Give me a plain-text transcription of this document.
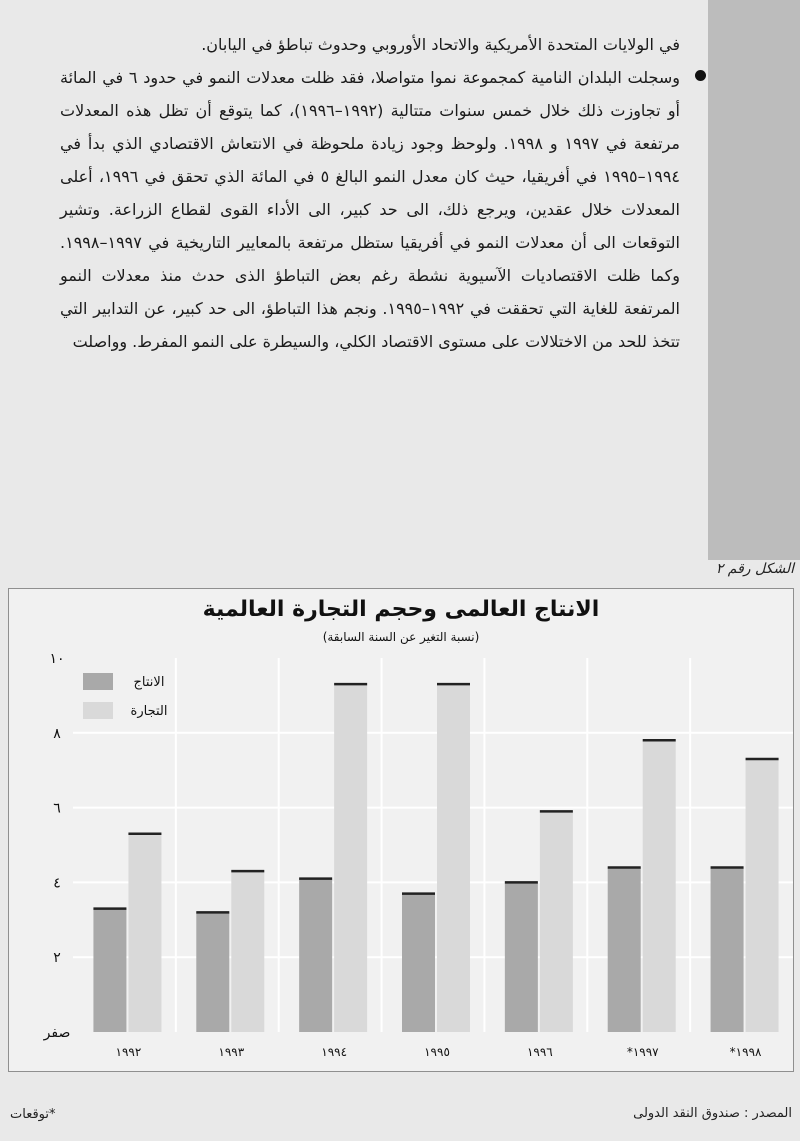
في الولايات المتحدة الأمريكية والاتحاد الأوروبي وحدوث تباطؤ في اليابان.

وسجلت البلدان النامية كمجموعة نموا متواصلا، فقد ظلت معدلات النمو في حدود ٦ في المائة أو تجاوزت ذلك خلال خمس سنوات متتالية (١٩٩٢–١٩٩٦)، كما يتوقع أن تظل هذه المعدلات مرتفعة في ١٩٩٧ و ١٩٩٨. ولوحظ وجود زيادة ملحوظة في الانتعاش الاقتصادي الذي بدأ في ١٩٩٤–١٩٩٥ في أفريقيا، حيث كان معدل النمو البالغ ٥ في المائة الذي تحقق في ١٩٩٦، أعلى المعدلات خلال عقدين، ويرجع ذلك، الى حد كبير، الى الأداء القوى لقطاع الزراعة. وتشير التوقعات الى أن معدلات النمو في أفريقيا ستظل مرتفعة بالمعايير التاريخية في ١٩٩٧–١٩٩٨. وكما ظلت الاقتصاديات الآسيوية نشطة رغم بعض التباطؤ الذى حدث منذ معدلات النمو المرتفعة للغاية التي تحققت في ١٩٩٢–١٩٩٥. ونجم هذا التباطؤ، الى حد كبير، عن التدابير التي تتخذ للحد من الاختلالات على مستوى الاقتصاد الكلي، والسيطرة على النمو المفرط. وواصلت

الشكل رقم ٢
الانتاج العالمى وحجم التجارة العالمية
(نسبة التغير عن السنة السابقة)
صفر
٢
٤
٦
٨
١٠
١٩٩٢	١٩٩٣	١٩٩٤	١٩٩٥	١٩٩٦	*١٩٩٧	*١٩٩٨
الانتاج
التجارة
المصدر : صندوق النقد الدولى
*توقعات
